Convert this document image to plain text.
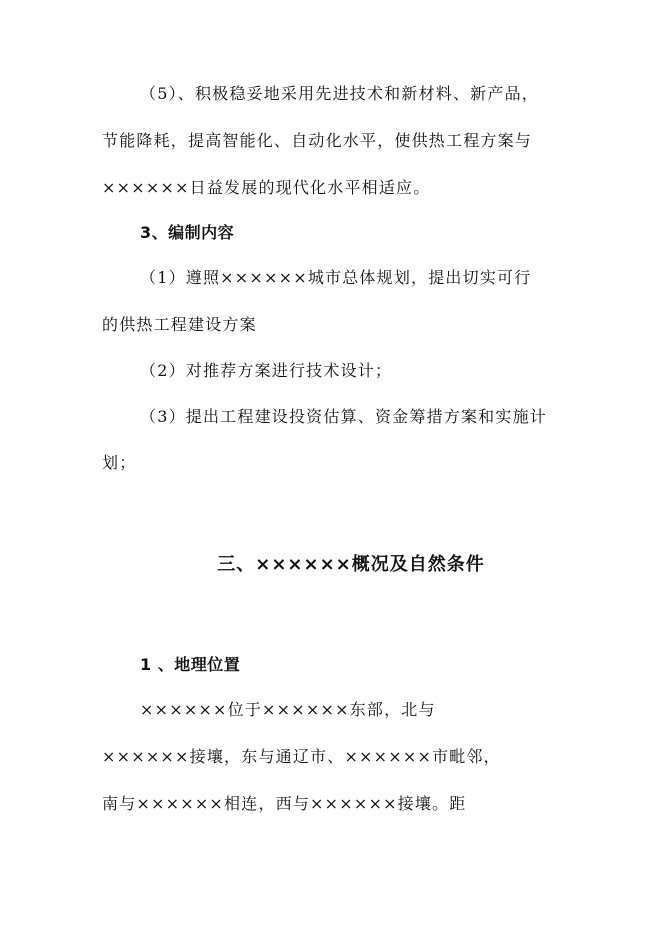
（5）、积极稳妥地采用先进技术和新材料、新产品，
节能降耗，提高智能化、自动化水平，使供热工程方案与
××××××日益发展的现代化水平相适应。
3、编制内容
（1）遵照××××××城市总体规划，提出切实可行
的供热工程建设方案
（2）对推荐方案进行技术设计；
（3）提出工程建设投资估算、资金筹措方案和实施计
划；
三、××××××概况及自然条件
1 、地理位置
××××××位于××××××东部，北与
××××××接壤，东与通辽市、××××××市毗邻，
南与××××××相连，西与××××××接壤。距
